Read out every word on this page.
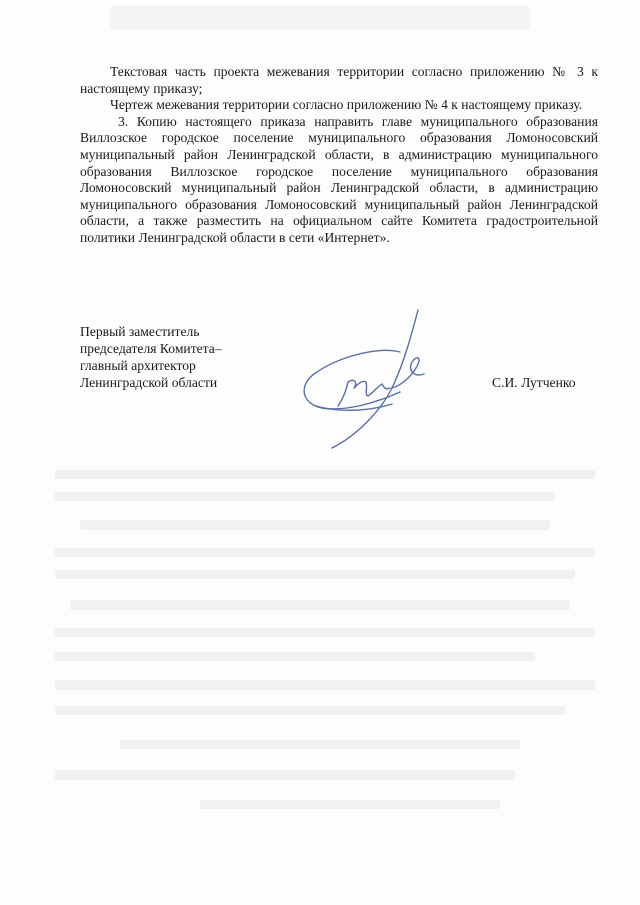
Текстовая часть проекта межевания территории согласно приложению № 3 к настоящему приказу;

Чертеж межевания территории согласно приложению № 4 к настоящему приказу.

3. Копию настоящего приказа направить главе муниципального образования Виллозское городское поселение муниципального образования Ломоносовский муниципальный район Ленинградской области, в администрацию муниципального образования Виллозское городское поселение муниципального образования Ломоносовский муниципальный район Ленинградской области, в администрацию муниципального образования Ломоносовский муниципальный район Ленинградской области, а также разместить на официальном сайте Комитета градостроительной политики Ленинградской области в сети «Интернет».

Первый заместитель
председателя Комитета–
главный архитектор
Ленинградской области	С.И. Лутченко
